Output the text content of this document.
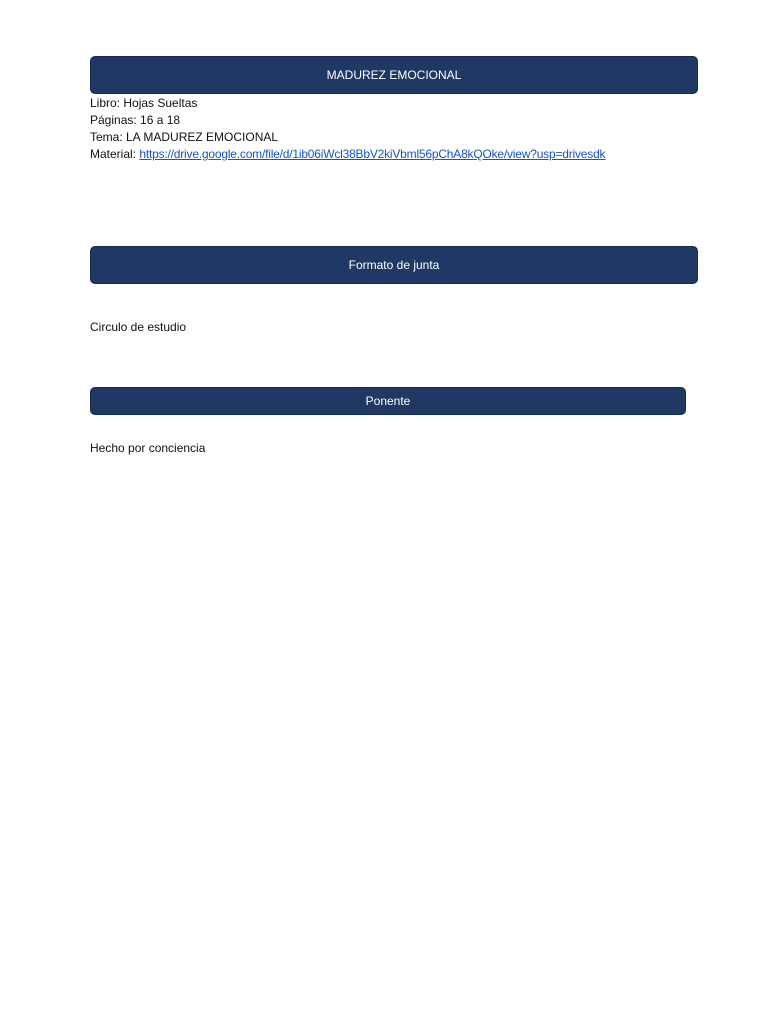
MADUREZ EMOCIONAL
Libro: Hojas Sueltas
Páginas: 16 a 18
Tema: LA MADUREZ EMOCIONAL
Material: https://drive.google.com/file/d/1ib06iWcl38BbV2kiVbml56pChA8kQOke/view?usp=drivesdk
Formato de junta
Circulo de estudio
Ponente
Hecho por conciencia
